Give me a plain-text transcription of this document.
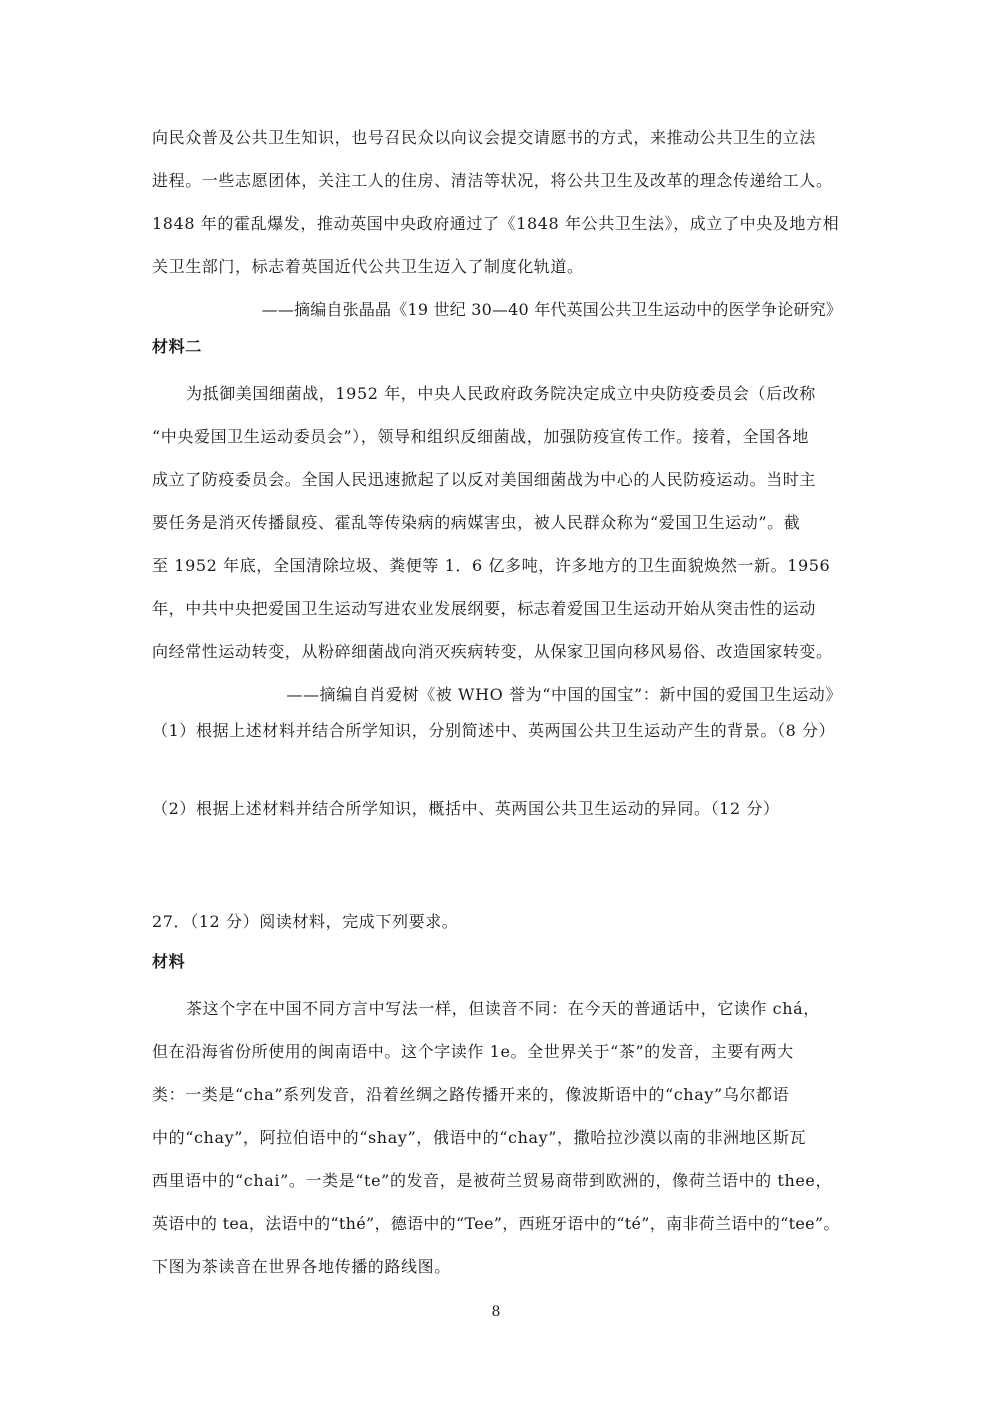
向民众普及公共卫生知识，也号召民众以向议会提交请愿书的方式，来推动公共卫生的立法
进程。一些志愿团体，关注工人的住房、清洁等状况，将公共卫生及改革的理念传递给工人。
1848 年的霍乱爆发，推动英国中央政府通过了《1848 年公共卫生法》，成立了中央及地方相
关卫生部门，标志着英国近代公共卫生迈入了制度化轨道。
——摘编自张晶晶《19 世纪 30—40 年代英国公共卫生运动中的医学争论研究》
材料二
为抵御美国细菌战，1952 年，中央人民政府政务院决定成立中央防疫委员会（后改称
“中央爱国卫生运动委员会”），领导和组织反细菌战，加强防疫宣传工作。接着，全国各地
成立了防疫委员会。全国人民迅速掀起了以反对美国细菌战为中心的人民防疫运动。当时主
要任务是消灭传播鼠疫、霍乱等传染病的病媒害虫，被人民群众称为“爱国卫生运动”。截
至 1952 年底，全国清除垃圾、粪便等 1．6 亿多吨，许多地方的卫生面貌焕然一新。1956
年，中共中央把爱国卫生运动写进农业发展纲要，标志着爱国卫生运动开始从突击性的运动
向经常性运动转变，从粉碎细菌战向消灭疾病转变，从保家卫国向移风易俗、改造国家转变。
——摘编自肖爱树《被 WHO 誉为“中国的国宝”：新中国的爱国卫生运动》
（1）根据上述材料并结合所学知识，分别简述中、英两国公共卫生运动产生的背景。（8 分）
（2）根据上述材料并结合所学知识，概括中、英两国公共卫生运动的异同。（12 分）
27．（12 分）阅读材料，完成下列要求。
材料
茶这个字在中国不同方言中写法一样，但读音不同：在今天的普通话中，它读作 chá，
但在沿海省份所使用的闽南语中。这个字读作 1e。全世界关于“茶”的发音，主要有两大
类：一类是“cha”系列发音，沿着丝绸之路传播开来的，像波斯语中的“chay”乌尔都语
中的“chay”，阿拉伯语中的“shay”，俄语中的“chay”，撒哈拉沙漠以南的非洲地区斯瓦
西里语中的“chai”。一类是“te”的发音，是被荷兰贸易商带到欧洲的，像荷兰语中的 thee，
英语中的 tea，法语中的“thé”，德语中的“Tee”，西班牙语中的“té”，南非荷兰语中的“tee”。
下图为茶读音在世界各地传播的路线图。
8
